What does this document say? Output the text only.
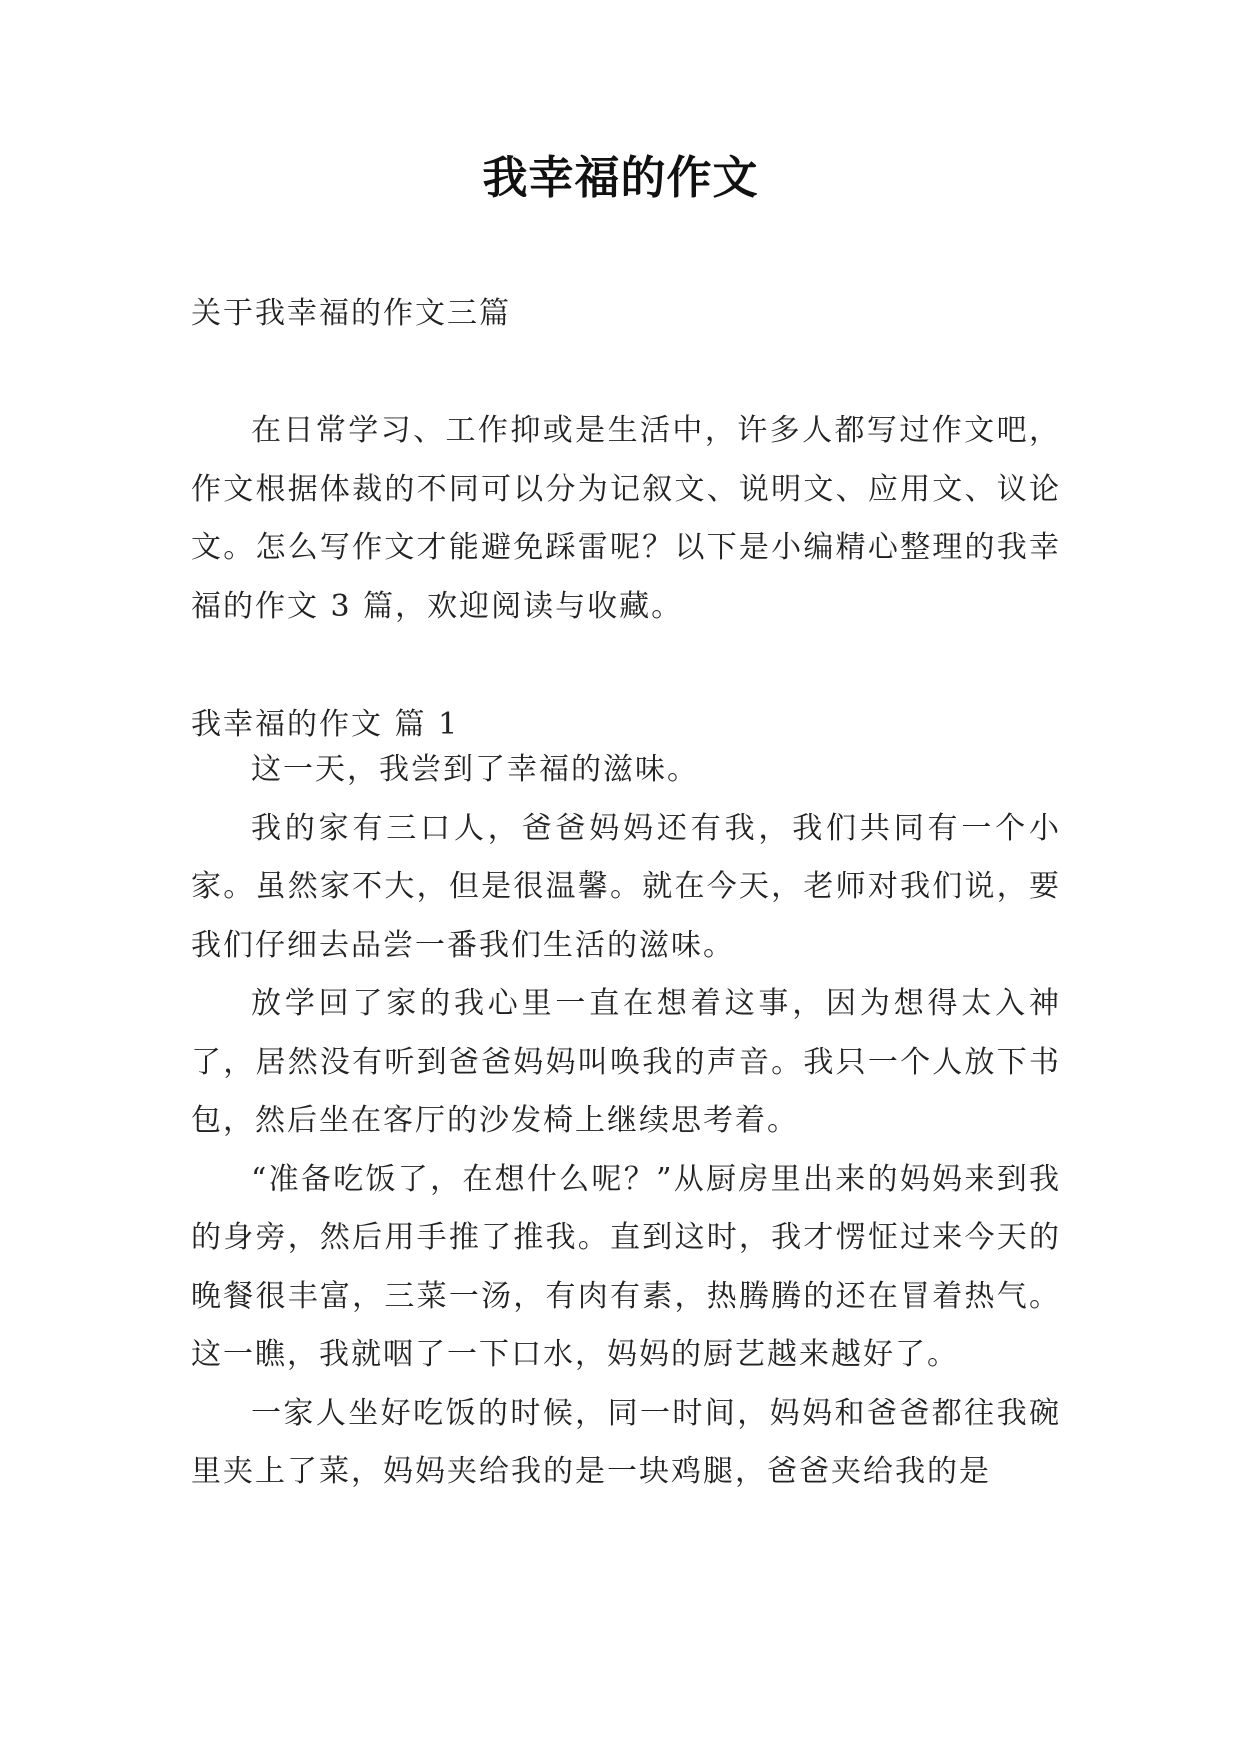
我幸福的作文

关于我幸福的作文三篇

在日常学习、工作抑或是生活中，许多人都写过作文吧，作文根据体裁的不同可以分为记叙文、说明文、应用文、议论文。怎么写作文才能避免踩雷呢？以下是小编精心整理的我幸福的作文 3 篇，欢迎阅读与收藏。

我幸福的作文 篇 1

这一天，我尝到了幸福的滋味。

我的家有三口人，爸爸妈妈还有我，我们共同有一个小家。虽然家不大，但是很温馨。就在今天，老师对我们说，要我们仔细去品尝一番我们生活的滋味。

放学回了家的我心里一直在想着这事，因为想得太入神了，居然没有听到爸爸妈妈叫唤我的声音。我只一个人放下书包，然后坐在客厅的沙发椅上继续思考着。

“准备吃饭了，在想什么呢？”从厨房里出来的妈妈来到我的身旁，然后用手推了推我。直到这时，我才愣怔过来今天的晚餐很丰富，三菜一汤，有肉有素，热腾腾的还在冒着热气。这一瞧，我就咽了一下口水，妈妈的厨艺越来越好了。

一家人坐好吃饭的时候，同一时间，妈妈和爸爸都往我碗里夹上了菜，妈妈夹给我的是一块鸡腿，爸爸夹给我的是
